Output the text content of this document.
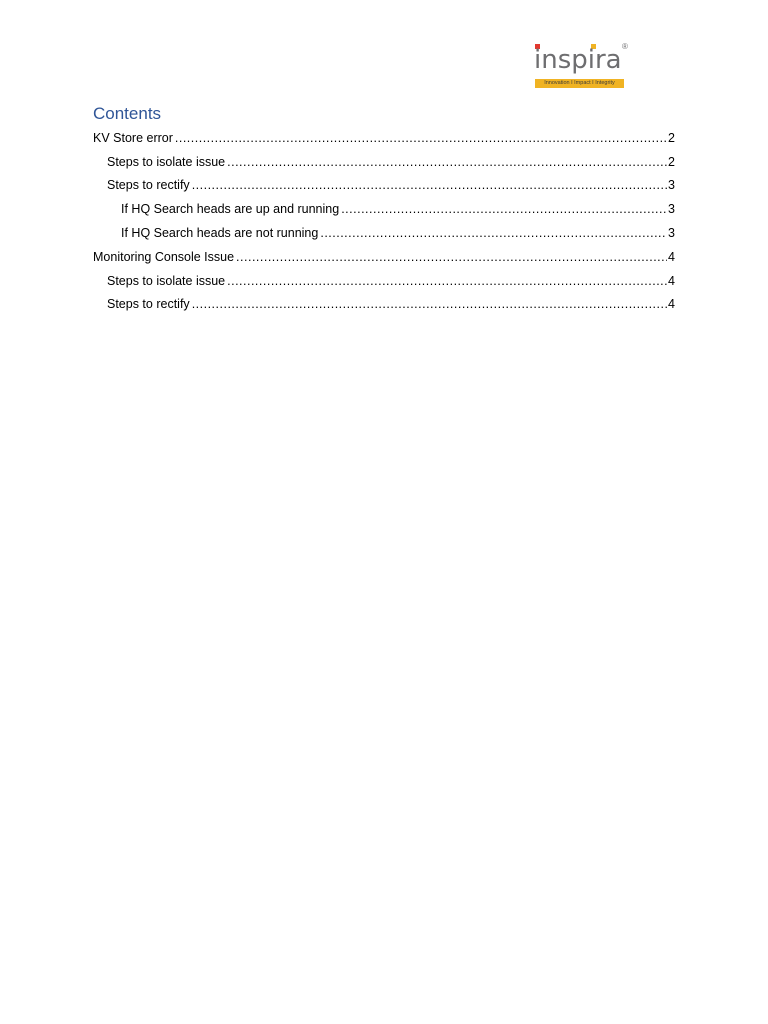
inspira ®
Innovation I Impact I Integrity
Contents
KV Store error .....	2
Steps to isolate issue .....	2
Steps to rectify .....	3
If HQ Search heads are up and running .....	3
If HQ Search heads are not running .....	3
Monitoring Console Issue .....	4
Steps to isolate issue .....	4
Steps to rectify .....	4
